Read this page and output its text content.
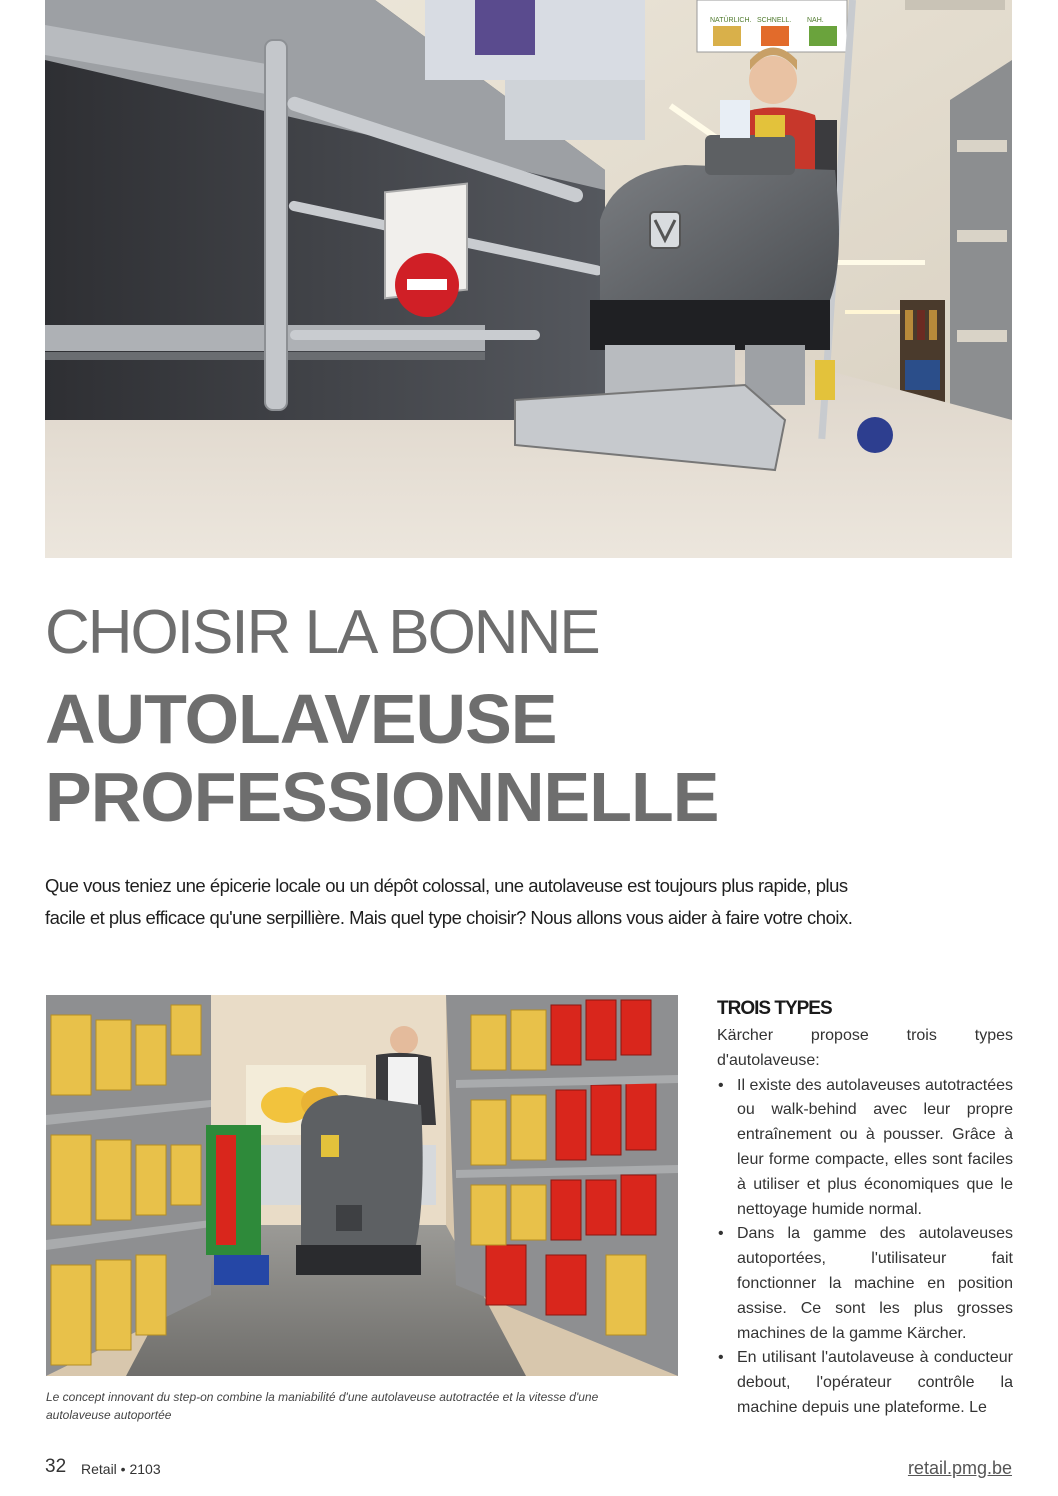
NATÜRLICH. SCHNELL. NAH.
CHOISIR LA BONNE
AUTOLAVEUSE
PROFESSIONNELLE

Que vous teniez une épicerie locale ou un dépôt colossal, une autolaveuse est toujours plus rapide, plus facile et plus efficace qu'une serpillière. Mais quel type choisir? Nous allons vous aider à faire votre choix.

Le concept innovant du step-on combine la maniabilité d'une autolaveuse autotractée et la vitesse d'une autolaveuse autoportée

TROIS TYPES

Kärcher propose trois types d'autolaveuse:

• Il existe des autolaveuses autotractées ou walk-behind avec leur propre entraînement ou à pousser. Grâce à leur forme compacte, elles sont faciles à utiliser et plus économiques que le nettoyage humide normal.
• Dans la gamme des autolaveuses autoportées, l'utilisateur fait fonctionner la machine en position assise. Ce sont les plus grosses machines de la gamme Kärcher.
• En utilisant l'autolaveuse à conducteur debout, l'opérateur contrôle la machine depuis une plateforme. Le
32 Retail • 2103	retail.pmg.be
